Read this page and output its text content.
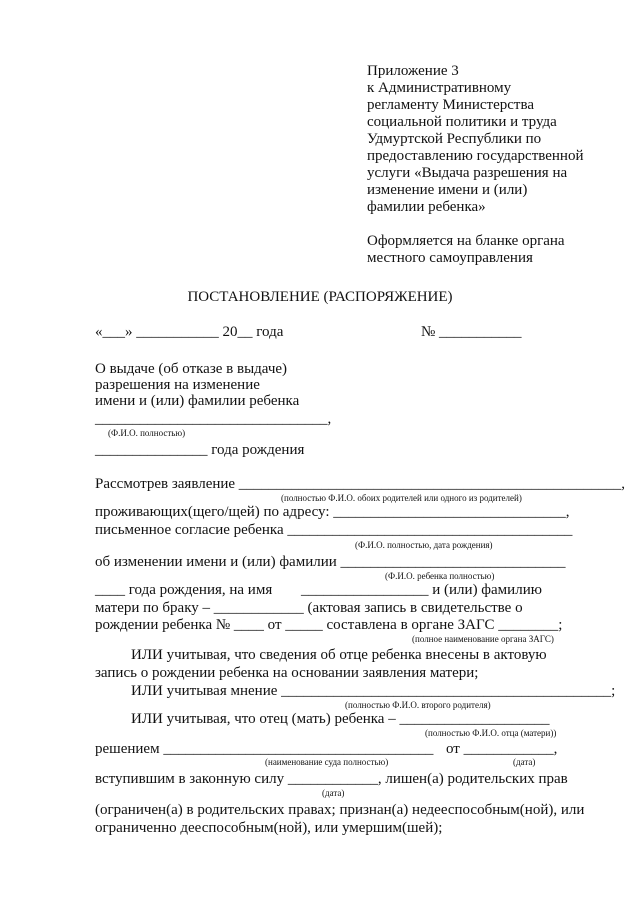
Приложение 3
к Административному
регламенту Министерства
социальной политики и труда
Удмуртской Республики по
предоставлению государственной
услуги «Выдача разрешения на
изменение имени и (или)
фамилии ребенка»
Оформляется на бланке органа
местного самоуправления
ПОСТАНОВЛЕНИЕ (РАСПОРЯЖЕНИЕ)
«___» ___________ 20__ года	№ ___________
О выдаче (об отказе в выдаче)
разрешения на изменение
имени и (или) фамилии ребенка
_______________________________,
(Ф.И.О. полностью)
_______________ года рождения
Рассмотрев заявление ___________________________________________________,
(полностью Ф.И.О. обоих родителей или одного из родителей)
проживающих(щего/щей) по адресу: _______________________________,
письменное согласие ребенка ______________________________________
(Ф.И.О. полностью, дата рождения)
об изменении имени и (или) фамилии ______________________________
(Ф.И.О. ребенка полностью)
____ года рождения, на имя _________________ и (или) фамилию
матери по браку – ____________ (актовая запись в свидетельстве о
рождении ребенка № ____ от _____ составлена в органе ЗАГС ________;
(полное наименование органа ЗАГС)
ИЛИ учитывая, что сведения об отце ребенка внесены в актовую
запись о рождении ребенка на основании заявления матери;
ИЛИ учитывая мнение ____________________________________________;
(полностью Ф.И.О. второго родителя)
ИЛИ учитывая, что отец (мать) ребенка – ____________________
(полностью Ф.И.О. отца (матери))
решением ____________________________________ от ____________,
(наименование суда полностью)	(дата)
вступившим в законную силу ____________, лишен(а) родительских прав
(дата)
(ограничен(а) в родительских правах; признан(а) недееспособным(ной), или
ограниченно дееспособным(ной), или умершим(шей);
